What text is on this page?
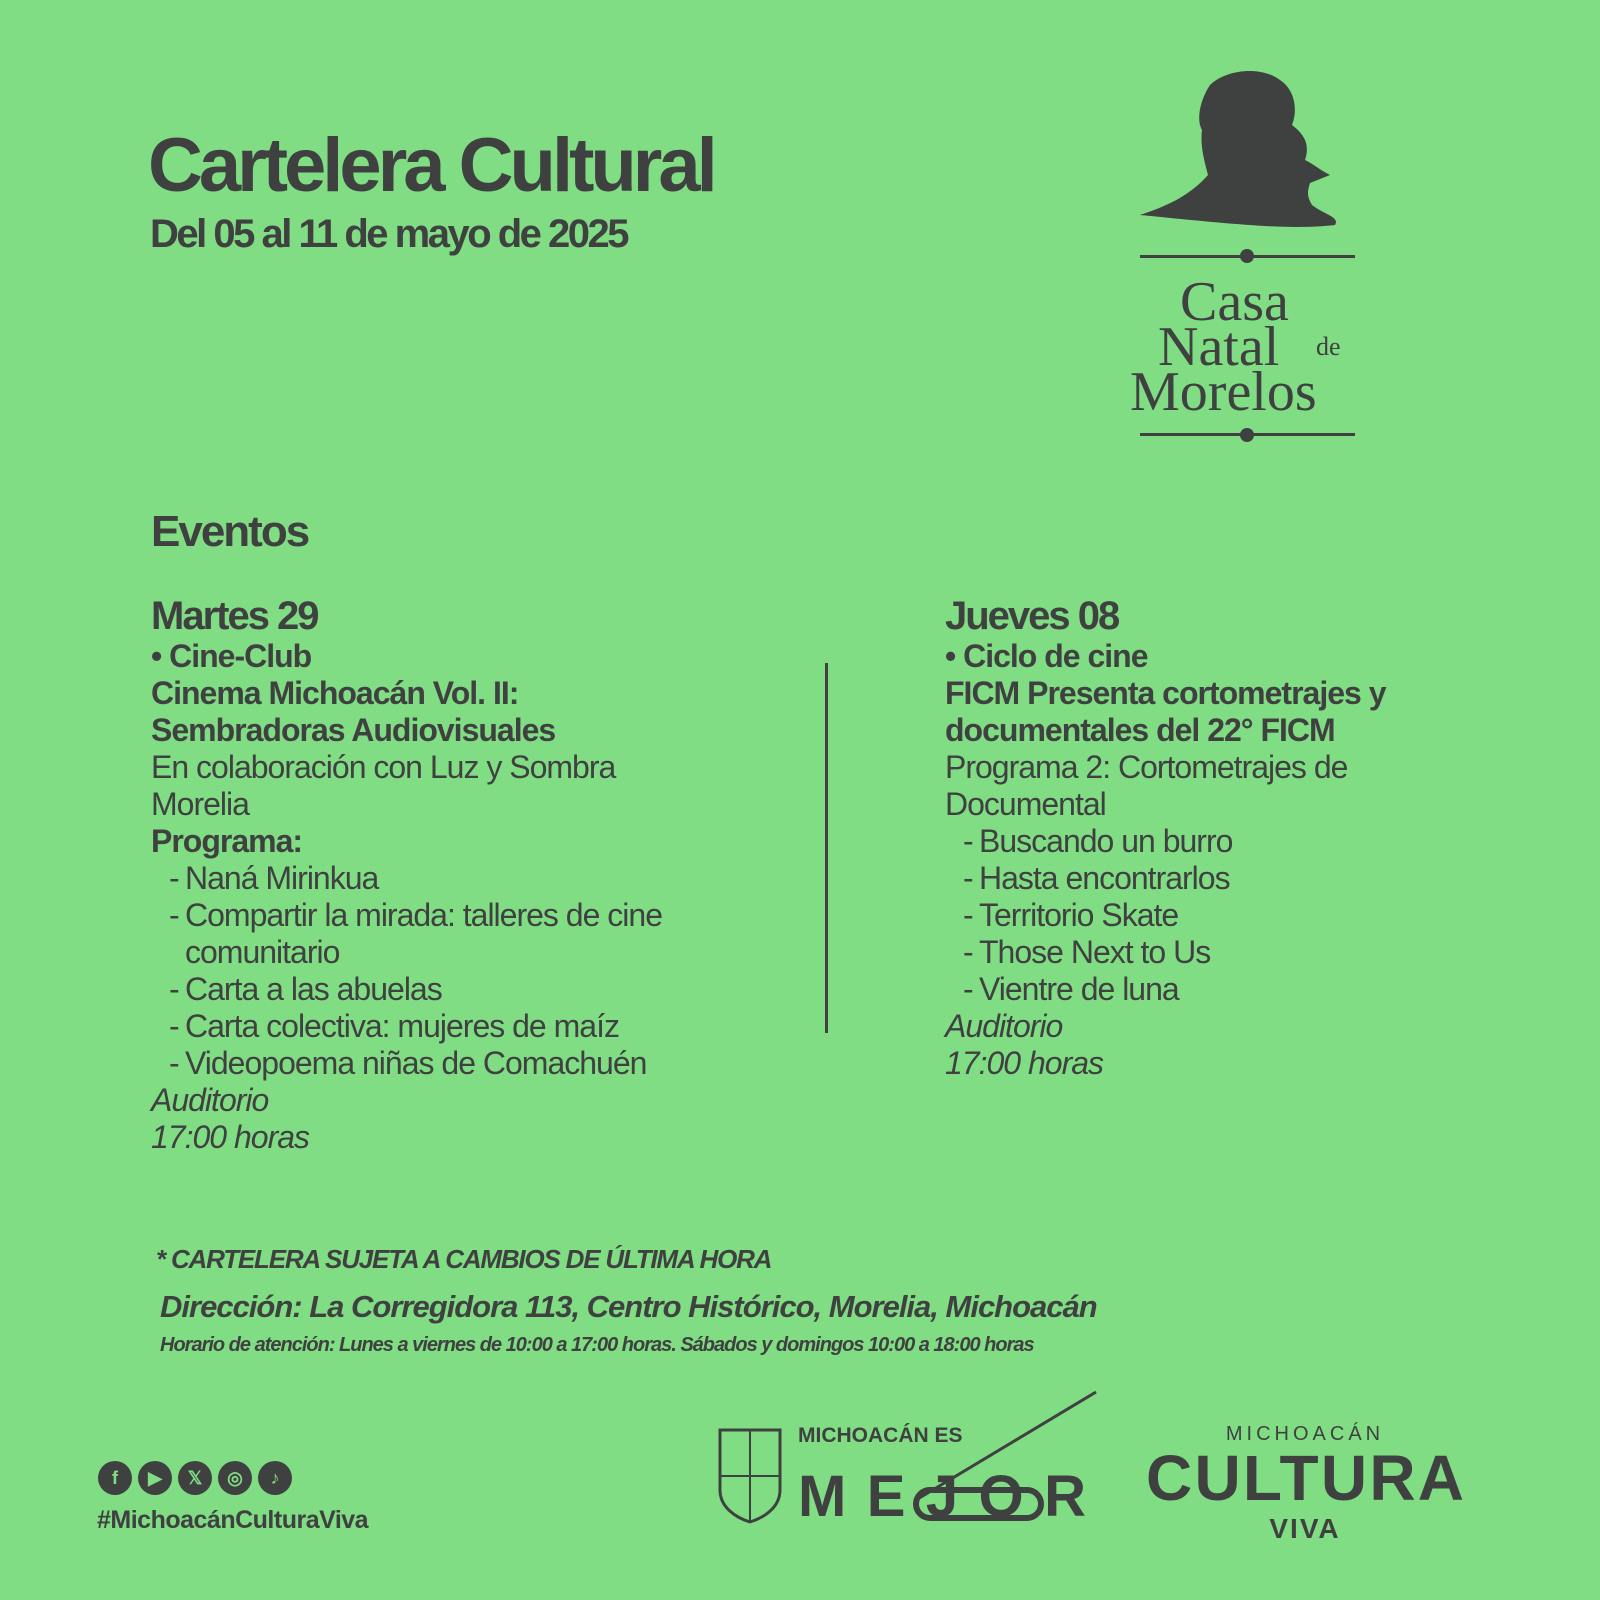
Cartelera Cultural
Del 05 al 11 de mayo de 2025
Casa
Natal de
Morelos
Eventos
Martes 29
• Cine-Club
Cinema Michoacán Vol. II:
Sembradoras Audiovisuales
En colaboración con Luz y Sombra
Morelia
Programa:
- Naná Mirinkua
- Compartir la mirada: talleres de cine comunitario
- Carta a las abuelas
- Carta colectiva: mujeres de maíz
- Videopoema niñas de Comachuén
Auditorio
17:00 horas
Jueves 08
• Ciclo de cine
FICM Presenta cortometrajes y
documentales del 22° FICM
Programa 2: Cortometrajes de
Documental
- Buscando un burro
- Hasta encontrarlos
- Territorio Skate
- Those Next to Us
- Vientre de luna
Auditorio
17:00 horas
* CARTELERA SUJETA A CAMBIOS DE ÚLTIMA HORA
Dirección: La Corregidora 113, Centro Histórico, Morelia, Michoacán
Horario de atención: Lunes a viernes de 10:00 a 17:00 horas. Sábados y domingos 10:00 a 18:00 horas
f	▶	𝕏	◎	♪
#MichoacánCulturaViva
MICHOACÁN ES
MEJOR
MICHOACÁN
CULTURA
VIVA
